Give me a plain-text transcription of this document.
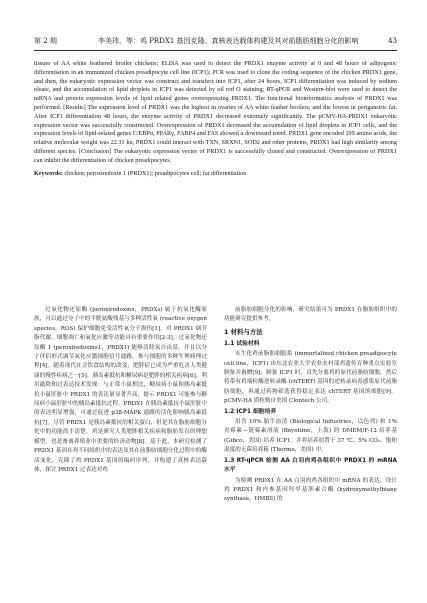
第 2 期	李美玮，等：鸡 PRDX1 基因克隆、真核表达载体构建及其对前脂肪细胞分化的影响	43

tissues of AA white feathered broiler chickens; ELISA was used to detect the PRDX1 enzyme activity at 0 and 48 hours of adipogenic differentiation in an immunized chicken preadipocyte cell line (ICP1); PCR was used to clone the coding sequence of the chicken PRDX1 gene, and then, the eukaryotic expression vector was construct and transfect into ICP1, after 24 hours, ICP1 differentiation was induced by sodium oleate, and the accumulation of lipid droplets in ICP1 was detected by oil red O staining; RT-qPCR and Western-blot were used to detect the mRNA and protein expression levels of lipid related genes overexpressing PRDX1. The functional bioinformatics analysis of PRDX1 was performed. [Results] The expression level of PRDX1 was the highest in ovaries of AA white feather broilers, and the lowest in periganstric fat. After ICP1 differentiation 48 hours, the enzyme activity of PRDX1 decreased extremely significantly. The pCMV-HA-PRDX1 eukaryotic expression vector was successfully constructed. Overexpression of PRDX1 decreased the accumulation of lipid droplets in ICP1 cells, and the expression levels of lipid-related genes C/EBPα, PPARγ, FABP4 and FAS showed a downward trend. PRDX1 gene encoded 199 amino acids, the relative molecular weight was 22.31 ku, PRDX1 could interact with TXN, SRXN1, SOD2 and other proteins, PRDX1 had high similarity among different species. [Conclusion] The eukaryotic expression vector of PRDX1 is successfully cloned and constructed. Overexpression of PRDX1 can inhibit the differentiation of chicken preadipocytes.

Keywords: chicken; peroxiredoxin 1 (PRDX1); preadipocytes cell; fat differentiation

过氧化物还原酶 (peroxiredoxins，PRDXs) 属于抗氧化酶家族，可以通过分子中的半胱氨酸残基与多种活性氧 (reactive oxygen species，ROS) 保护细胞免受活性氧分子损伤[1]。对 PRDX1 调节脂代谢、细胞凋亡和氧化应激等功能具有重要作用[2-3]。过氧化物还原酶 1 (peroxiredoxins1，PRDX1) 能够清除氧自由基，并且以分子伴侣形式调节氧化应激细胞信号通路，参与细胞的多种生理病理过程[4]。随着现代社会饮食结构的改变，肥胖症已成为严重危害人类健康的慢性疾病之一[5]。胰岛素抵抗和糖尿病是肥胖的相关疾病[6]。利用敲除和过表达技术发现：与正常小鼠相比，糖尿病小鼠和胰岛素抵抗小鼠肝脏中 PRDX1 的表达量显著升高，提示 PRDX1 可能参与糖尿病小鼠肝脏中的胰岛素抵抗过程。PRDX1 在胰岛素抵抗小鼠肝脏中的表达明显增强，可通过促进 p38-MAPK 通路的活化影响胰岛素抵抗[7]。尽管 PRDX1 是胰岛素抵抗的相关蛋白，但是其在脂肪细胞分化中的功能尚不清楚。鸡是研究人类肥胖相关疾病和脂肪发育的理想模型，也是畜禽养殖业中重要的经济动物[8]。基于此，本研究检测了 PRDX1 基因在鸡不同组织中的表达及其在前脂肪细胞分化过程中的酶活变化，克隆了鸡 PRDX1 基因的编码序列，并构建了真核表达载体，探讨 PRDX1 过表达对鸡

前脂肪细胞分化的影响，研究结果可为 PRDX1 在脂肪组织中的功能研究提供参考。

1 材料与方法
1.1 试验材料

永生化鸡前脂肪细胞系 (immortalized chicken preadipocyte cell line，ICP1) 由东北农业大学农业农村部鸡遗传育种重点实验室制备并惠赠[9]。制备 ICP1 时，首先分离鸡的原代前脂肪细胞，然后将带有鸡端粒酶逆转录酶 (chTERT) 基因的逆转录病毒感染原代前脂肪细胞，再通过药物筛选获得稳定表达 chTERT 基因的细胞[9]。pCMV-HA 质粒购自美国 Clontech 公司。

1.2 ICP1 细胞培养

用含 10% 胎牛血清 (Biological Industries，以色列) 和 1% 青霉素—链霉素溶液 (Beyotime，上海) 的 DMEM/F-12 培养基 (Gibco，美国) 培养 ICP1。并将培养皿置于 37 ℃、5% CO₂、饱和湿度的无菌培养箱 (Thermo，美国) 中。

1.3 RT-qPCR 检测 AA 白羽肉鸡各组织中 PRDX1 的 mRNA 水平

为检测 PRDX1 在 AA 白羽肉鸡各组织中 mRNA 的表达，设计鸡 PRDX1 和内参基因羟甲基胆素合酶 (hydroxymethylbiane synthase，HMBS) 的
